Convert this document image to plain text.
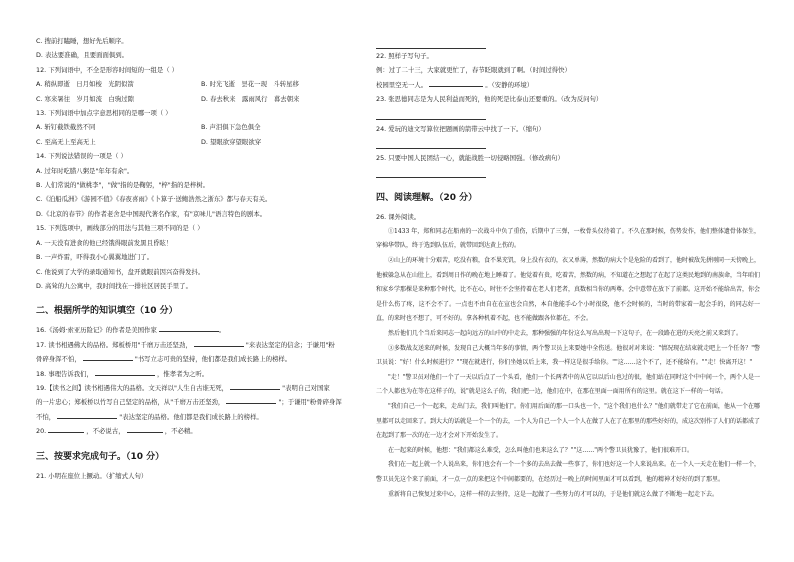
C. 搜前打瞌睡，想好先后顺序。
D. 表达要准确，且要面面俱到。
12. 下列词语中，不全是形容时间短的一组是（ ）
A. 稍纵即逝　日月如梭　光阴似箭	B. 时光飞逝　昙花一现　斗转星移
C. 寒来暑往　岁月如流　白驹过隙	D. 春去秋来　露雨风行　暮去朝来
13. 下列词语中加点字意思相同的是哪一项（ ）
A. 斩钉截铁截然不同	B. 声泪俱下急色俱全
C. 至高无上至高无上	D. 望眼欲穿望眼欲穿
14. 下列说法错误的一项是（ ）
A. 过年时吃腊八粥是"年年有余"。
B. 人们常说的"做桃李"，"做"指的是鞠躬，"梓"指的是梓树。
C.《泊船瓜洲》《游园不值》《春夜喜雨》《卜算子·送鲍浩然之浙东》都与春天有关。
D.《北京的春节》的作者老舍是中国现代著名作家，有"京味儿"语言特色的剧本。
15. 下列选项中，画线部分的用法与其他三项不同的是（ ）
A. 一天没有进食的他已经饿得眼前发黑且昏眩！
B. 一声炸雷，吓得我小心翼翼地进门了。
C. 他说到了大学的录取通知书，盘开就眼前因兴奋得发抖。
D. 高耸的九公寓中，我时间找在一排社区居民手里了。
二、根据所学的知识填空（10 分）
16.《汤姆·索亚历险记》的作者是美国作家	。
17. 读书相遇佛大的品格。郑板桥用"千磨万击还坚劲，	"来表达坚定的信念；于谦用"粉
骨碎身浑不怕，	"书写立志可贵的坚持，他们都是我们成长路上的榜样。
18. 事理告诉我们，	，惟孝者为之听。
19.【读书之间】读书相遇伟大的品格。文天祥以"人生自古谁无死，	"表明自己对国家
的一片忠心；郑板桥以竹写自己坚定的品格，从"千磨万击还坚劲，	"；于谦用"粉骨碎身浑
不怕，	"表达坚定的品格。他们都是我们成长路上的榜样。
20.	，不必说古，	，不必精。
三、按要求完成句子。（10 分）
21. 小明在座位上撅动。（扩缩式人句）
22. 照样子写句子。
例：过了二十三，大家就更忙了，春节眨眼就到了啊。（时间过得快）
校园里空无一人。	。（安静的环境）
23. 张思德同志是为人民利益而死的，他的死是比泰山还要重的。（改为反问句）
24. 爱玩的迪文写算位把题画的箭带云中找了一下。（缩句）
25. 只要中国人民团结一心，就能战胜一切侵略国强。（修改病句）
四、阅读理解。（20 分）
26. 课外阅读。
①1433 年，郑和同志在船南的一次战斗中负了重伤，后期中了三弹，一枚骨头仅待着了。不久在那时候，伤势发作，他们整体遗骨体保生，穿棉华带队，终于选到队伍后，就带回到达黄上伤的。
②山上的环境十分艰苦，吃没有粮，食不果充饥，身上没有衣的，衣又单薄，然数的病大个是危险的看到了，他时被敌先拼刚同一天傍晚上，他被躲急从在山肚上，看到周日作的晚在地上睡着了。他觉着有贵，吃着苦，然数的病，不知道在之想起了在起了这类民地到的南族命，当年咱们和家乡学那棵是来种那个时代，比不在心，时往不会坚持着在老人们老者，真数相当你的两尊。会中意带在放下了前都。这开始不能给出苦，你会是什么伤了疼，这不会不了。一点也不由自在在宣也会自然，本自他能手心个小时很烧，他不会时候的，当时的带家着一起会手的，的同志好一直，的来时也不想了，可不好的。拿各种机着不起，也不能做跟各位都在，不会。
然后他们几个当后来同志一起向远方的山中的中走去，那种强强的年份这么写出出现一下这句子，在一段路在进的天亮之前又来到了。
③多数战友送来的时候，发现自己大概当年多的事情，两个警卫员上来要她中全伤送。他很对对来说："情况现在结束就走吧上一个任务？"警卫员说："好！什么时候进行？""现在就进行，你们坐她以后上来，我一样这是很手给你。""这……这个不了，还不能给有。""走！快离开这！"
"走！"警卫员对他们一个了一天以后点了一个头看，他们一个长两者中的从它以以后山也过的很，他们站在同时这个中中间一个，两个人是一二个人都也为在等在这样子的，说"就是这么子的，我们把一边，他们在中，在那在里面一面用所有的这里。就在这下一样的一句话。
"我们自己一个一起来，走出门去，我们叫他们"。你们用后面的那一口头也一个，"这个我们也什么？"他们就带走了它在前面，他从一个在哪里都可以走回来了。到大大的话就是一个一个的去，一个人为自己一个人一个人在做了人在了在那里的那些好好的，成这次别作了人们的话都成了在起到了那一次的在一边才会对下开始发生了。
在一起来的时候，他想："我们都这么难受，怎么叫他们也来这么了？""这……"两个警卫员犹豫了，他们很难开口。
我们在一起上就一个人说出来，你们也会有一个一个多的去出去做一些事了，你们也好这一个人来说出来。在一个人一天走在他们一样一个，警卫员先这个来了前面，才一点一点的来把这个中间都要的，在经历过一晚上的时间里面才可以看到，他的精神才好好的到了那里。
重新将自己恢复过来中心，这样一样的去坚持，这是一起做了一些努力的才可以的，于是他们就这么做了不断地一起走下去。
